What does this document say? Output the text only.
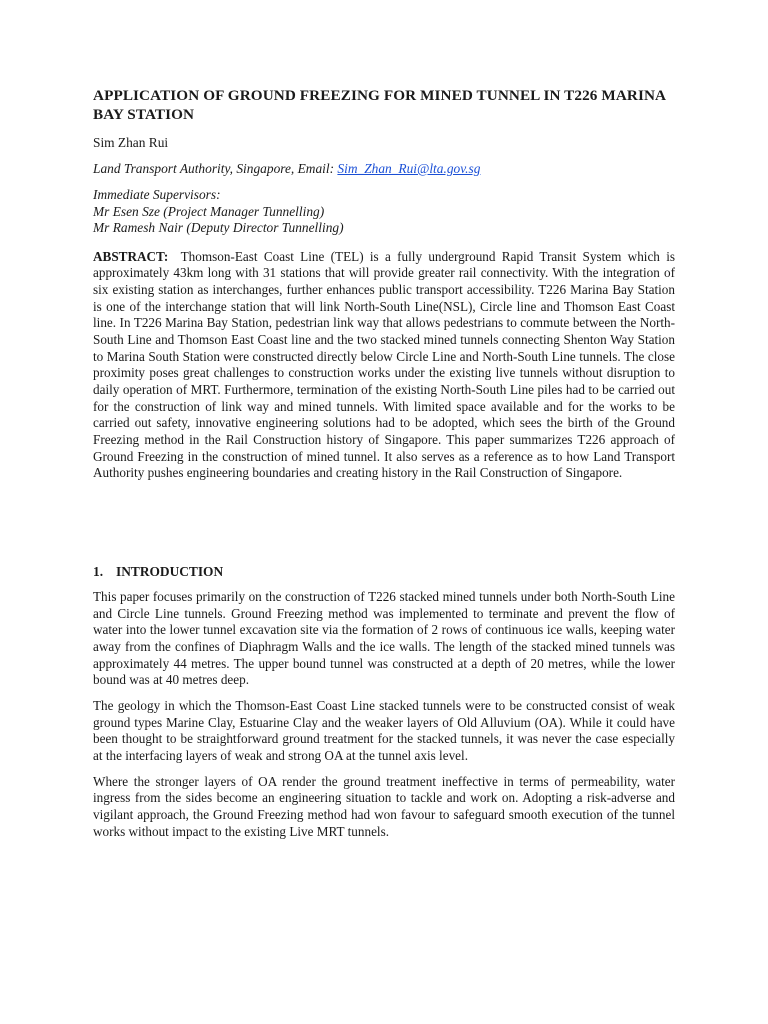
APPLICATION OF GROUND FREEZING FOR MINED TUNNEL IN T226 MARINA BAY STATION
Sim Zhan Rui
Land Transport Authority, Singapore, Email: Sim_Zhan_Rui@lta.gov.sg
Immediate Supervisors:
Mr Esen Sze (Project Manager Tunnelling)
Mr Ramesh Nair (Deputy Director Tunnelling)

ABSTRACT: Thomson-East Coast Line (TEL) is a fully underground Rapid Transit System which is approximately 43km long with 31 stations that will provide greater rail connectivity. With the integration of six existing station as interchanges, further enhances public transport accessibility. T226 Marina Bay Station is one of the interchange station that will link North-South Line(NSL), Circle line and Thomson East Coast line. In T226 Marina Bay Station, pedestrian link way that allows pedestrians to commute between the North-South Line and Thomson East Coast line and the two stacked mined tunnels connecting Shenton Way Station to Marina South Station were constructed directly below Circle Line and North-South Line tunnels. The close proximity poses great challenges to construction works under the existing live tunnels without disruption to daily operation of MRT. Furthermore, termination of the existing North-South Line piles had to be carried out for the construction of link way and mined tunnels. With limited space available and for the works to be carried out safety, innovative engineering solutions had to be adopted, which sees the birth of the Ground Freezing method in the Rail Construction history of Singapore. This paper summarizes T226 approach of Ground Freezing in the construction of mined tunnel. It also serves as a reference as to how Land Transport Authority pushes engineering boundaries and creating history in the Rail Construction of Singapore.

1. INTRODUCTION

This paper focuses primarily on the construction of T226 stacked mined tunnels under both North-South Line and Circle Line tunnels. Ground Freezing method was implemented to terminate and prevent the flow of water into the lower tunnel excavation site via the formation of 2 rows of continuous ice walls, keeping water away from the confines of Diaphragm Walls and the ice walls. The length of the stacked mined tunnels was approximately 44 metres. The upper bound tunnel was constructed at a depth of 20 metres, while the lower bound was at 40 metres deep.

The geology in which the Thomson-East Coast Line stacked tunnels were to be constructed consist of weak ground types Marine Clay, Estuarine Clay and the weaker layers of Old Alluvium (OA). While it could have been thought to be straightforward ground treatment for the stacked tunnels, it was never the case especially at the interfacing layers of weak and strong OA at the tunnel axis level.

Where the stronger layers of OA render the ground treatment ineffective in terms of permeability, water ingress from the sides become an engineering situation to tackle and work on. Adopting a risk-adverse and vigilant approach, the Ground Freezing method had won favour to safeguard smooth execution of the tunnel works without impact to the existing Live MRT tunnels.
